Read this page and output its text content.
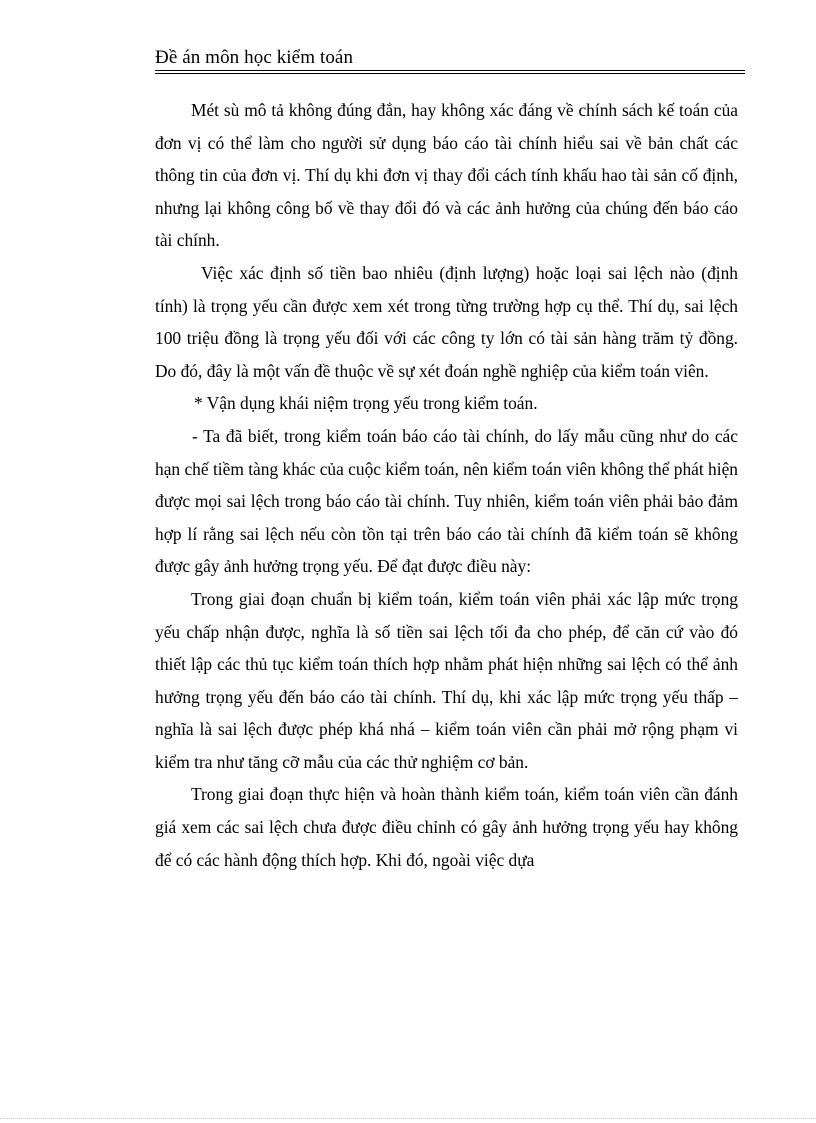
Đề án môn học kiểm toán

Mét sù mô tả không đúng đắn, hay không xác đáng về chính sách kế toán của đơn vị có thể làm cho người sử dụng báo cáo tài chính hiểu sai về bản chất các thông tin của đơn vị. Thí dụ khi đơn vị thay đổi cách tính khấu hao tài sản cố định, nhưng lại không công bố về thay đổi đó và các ảnh hưởng của chúng đến báo cáo tài chính.

Việc xác định số tiền bao nhiêu (định lượng) hoặc loại sai lệch nào (định tính) là trọng yếu cần được xem xét trong từng trường hợp cụ thể. Thí dụ, sai lệch 100 triệu đồng là trọng yếu đối với các công ty lớn có tài sản hàng trăm tỷ đồng. Do đó, đây là một vấn đề thuộc về sự xét đoán nghề nghiệp của kiểm toán viên.

* Vận dụng khái niệm trọng yếu trong kiểm toán.

- Ta đã biết, trong kiểm toán báo cáo tài chính, do lấy mẫu cũng như do các hạn chế tiềm tàng khác của cuộc kiểm toán, nên kiểm toán viên không thể phát hiện được mọi sai lệch trong báo cáo tài chính. Tuy nhiên, kiểm toán viên phải bảo đảm hợp lí rằng sai lệch nếu còn tồn tại trên báo cáo tài chính đã kiểm toán sẽ không được gây ảnh hưởng trọng yếu. Để đạt được điều này:

Trong giai đoạn chuẩn bị kiểm toán, kiểm toán viên phải xác lập mức trọng yếu chấp nhận được, nghĩa là số tiền sai lệch tối đa cho phép, để căn cứ vào đó thiết lập các thủ tục kiểm toán thích hợp nhằm phát hiện những sai lệch có thể ảnh hưởng trọng yếu đến báo cáo tài chính. Thí dụ, khi xác lập mức trọng yếu thấp – nghĩa là sai lệch được phép khá nhá – kiểm toán viên cần phải mở rộng phạm vi kiểm tra như tăng cỡ mẫu của các thử nghiệm cơ bản.

Trong giai đoạn thực hiện và hoàn thành kiểm toán, kiểm toán viên cần đánh giá xem các sai lệch chưa được điều chỉnh có gây ảnh hưởng trọng yếu hay không để có các hành động thích hợp. Khi đó, ngoài việc dựa
